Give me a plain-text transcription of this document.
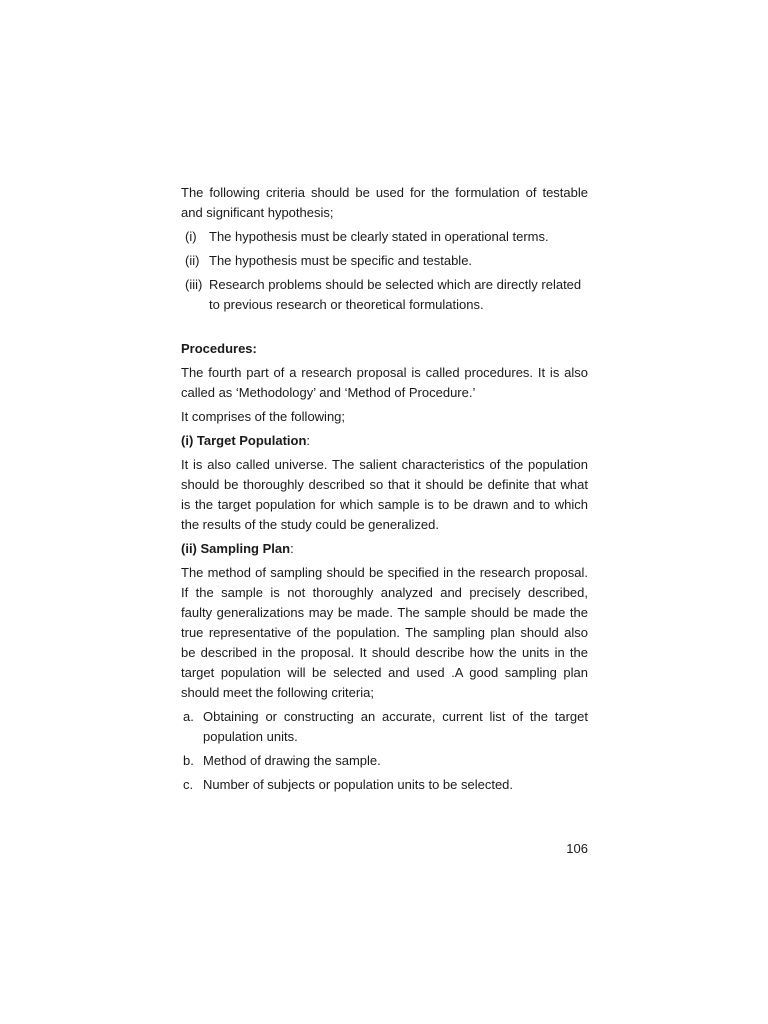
The following criteria should be used for the formulation of testable and significant hypothesis;

(i) The hypothesis must be clearly stated in operational terms.
(ii) The hypothesis must be specific and testable.
(iii) Research problems should be selected which are directly related to previous research or theoretical formulations.

Procedures:

The fourth part of a research proposal is called procedures. It is also called as ‘Methodology’ and ‘Method of Procedure.’

It comprises of the following;

(i) Target Population:

It is also called universe. The salient characteristics of the population should be thoroughly described so that it should be definite that what is the target population for which sample is to be drawn and to which the results of the study could be generalized.

(ii) Sampling Plan:

The method of sampling should be specified in the research proposal. If the sample is not thoroughly analyzed and precisely described, faulty generalizations may be made. The sample should be made the true representative of the population. The sampling plan should also be described in the proposal. It should describe how the units in the target population will be selected and used .A good sampling plan should meet the following criteria;

a. Obtaining or constructing an accurate, current list of the target population units.
b. Method of drawing the sample.
c. Number of subjects or population units to be selected.
106
